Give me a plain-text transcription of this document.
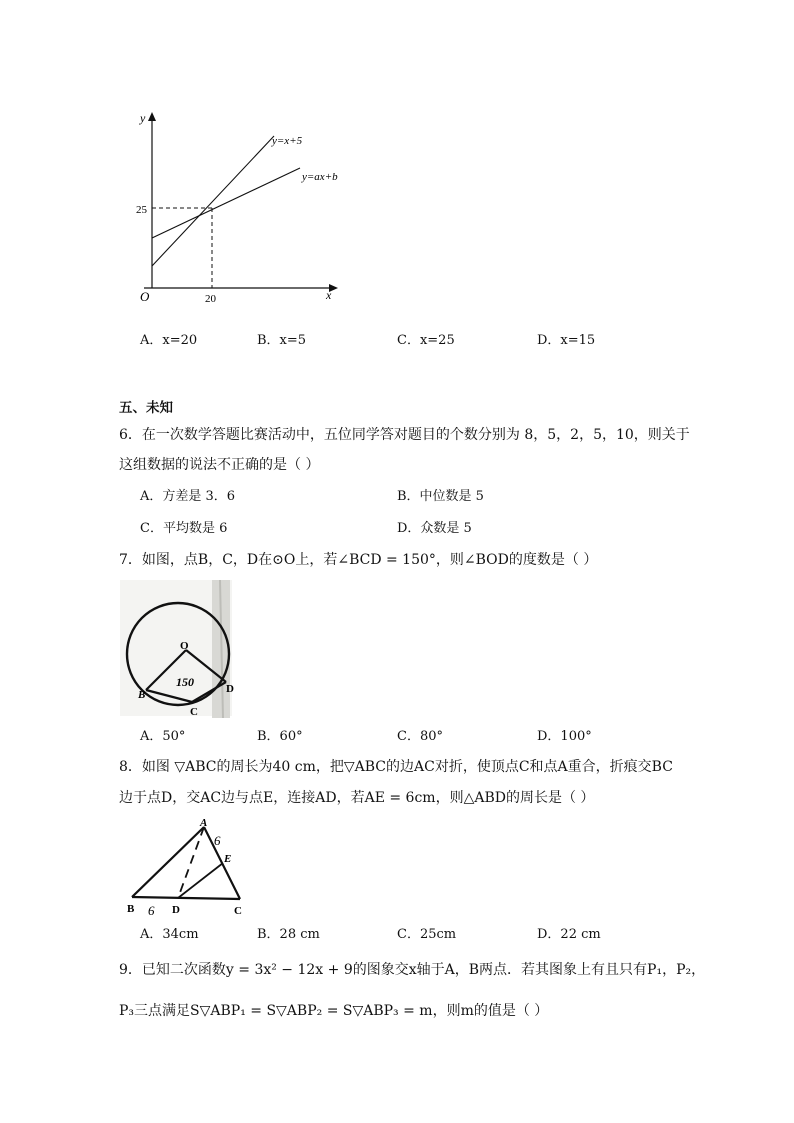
y
x
O
25
20
y=x+5
y=ax+b
A．x=20	B．x=5	C．x=25	D．x=15
五、未知
6．在一次数学答题比赛活动中，五位同学答对题目的个数分别为 8，5，2，5，10，则关于
这组数据的说法不正确的是（ ）
A．方差是 3．6	B．中位数是 5
C．平均数是 6	D．众数是 5
7．如图，点B，C，D在⊙O上，若∠BCD = 150°，则∠BOD的度数是（ ）
O
B
C
D
150
A．50°	B．60°	C．80°	D．100°
8．如图 ▽ABC的周长为40 cm，把▽ABC的边AC对折，使顶点C和点A重合，折痕交BC
边于点D，交AC边与点E，连接AD，若AE = 6cm，则△ABD的周长是（ ）
A
B	C
D
E
6
6
A．34cm	B．28 cm	C．25cm	D．22 cm
9．已知二次函数y = 3x² − 12x + 9的图象交x轴于A，B两点．若其图象上有且只有P₁，P₂，
P₃三点满足S▽ABP₁ = S▽ABP₂ = S▽ABP₃ = m，则m的值是（ ）
